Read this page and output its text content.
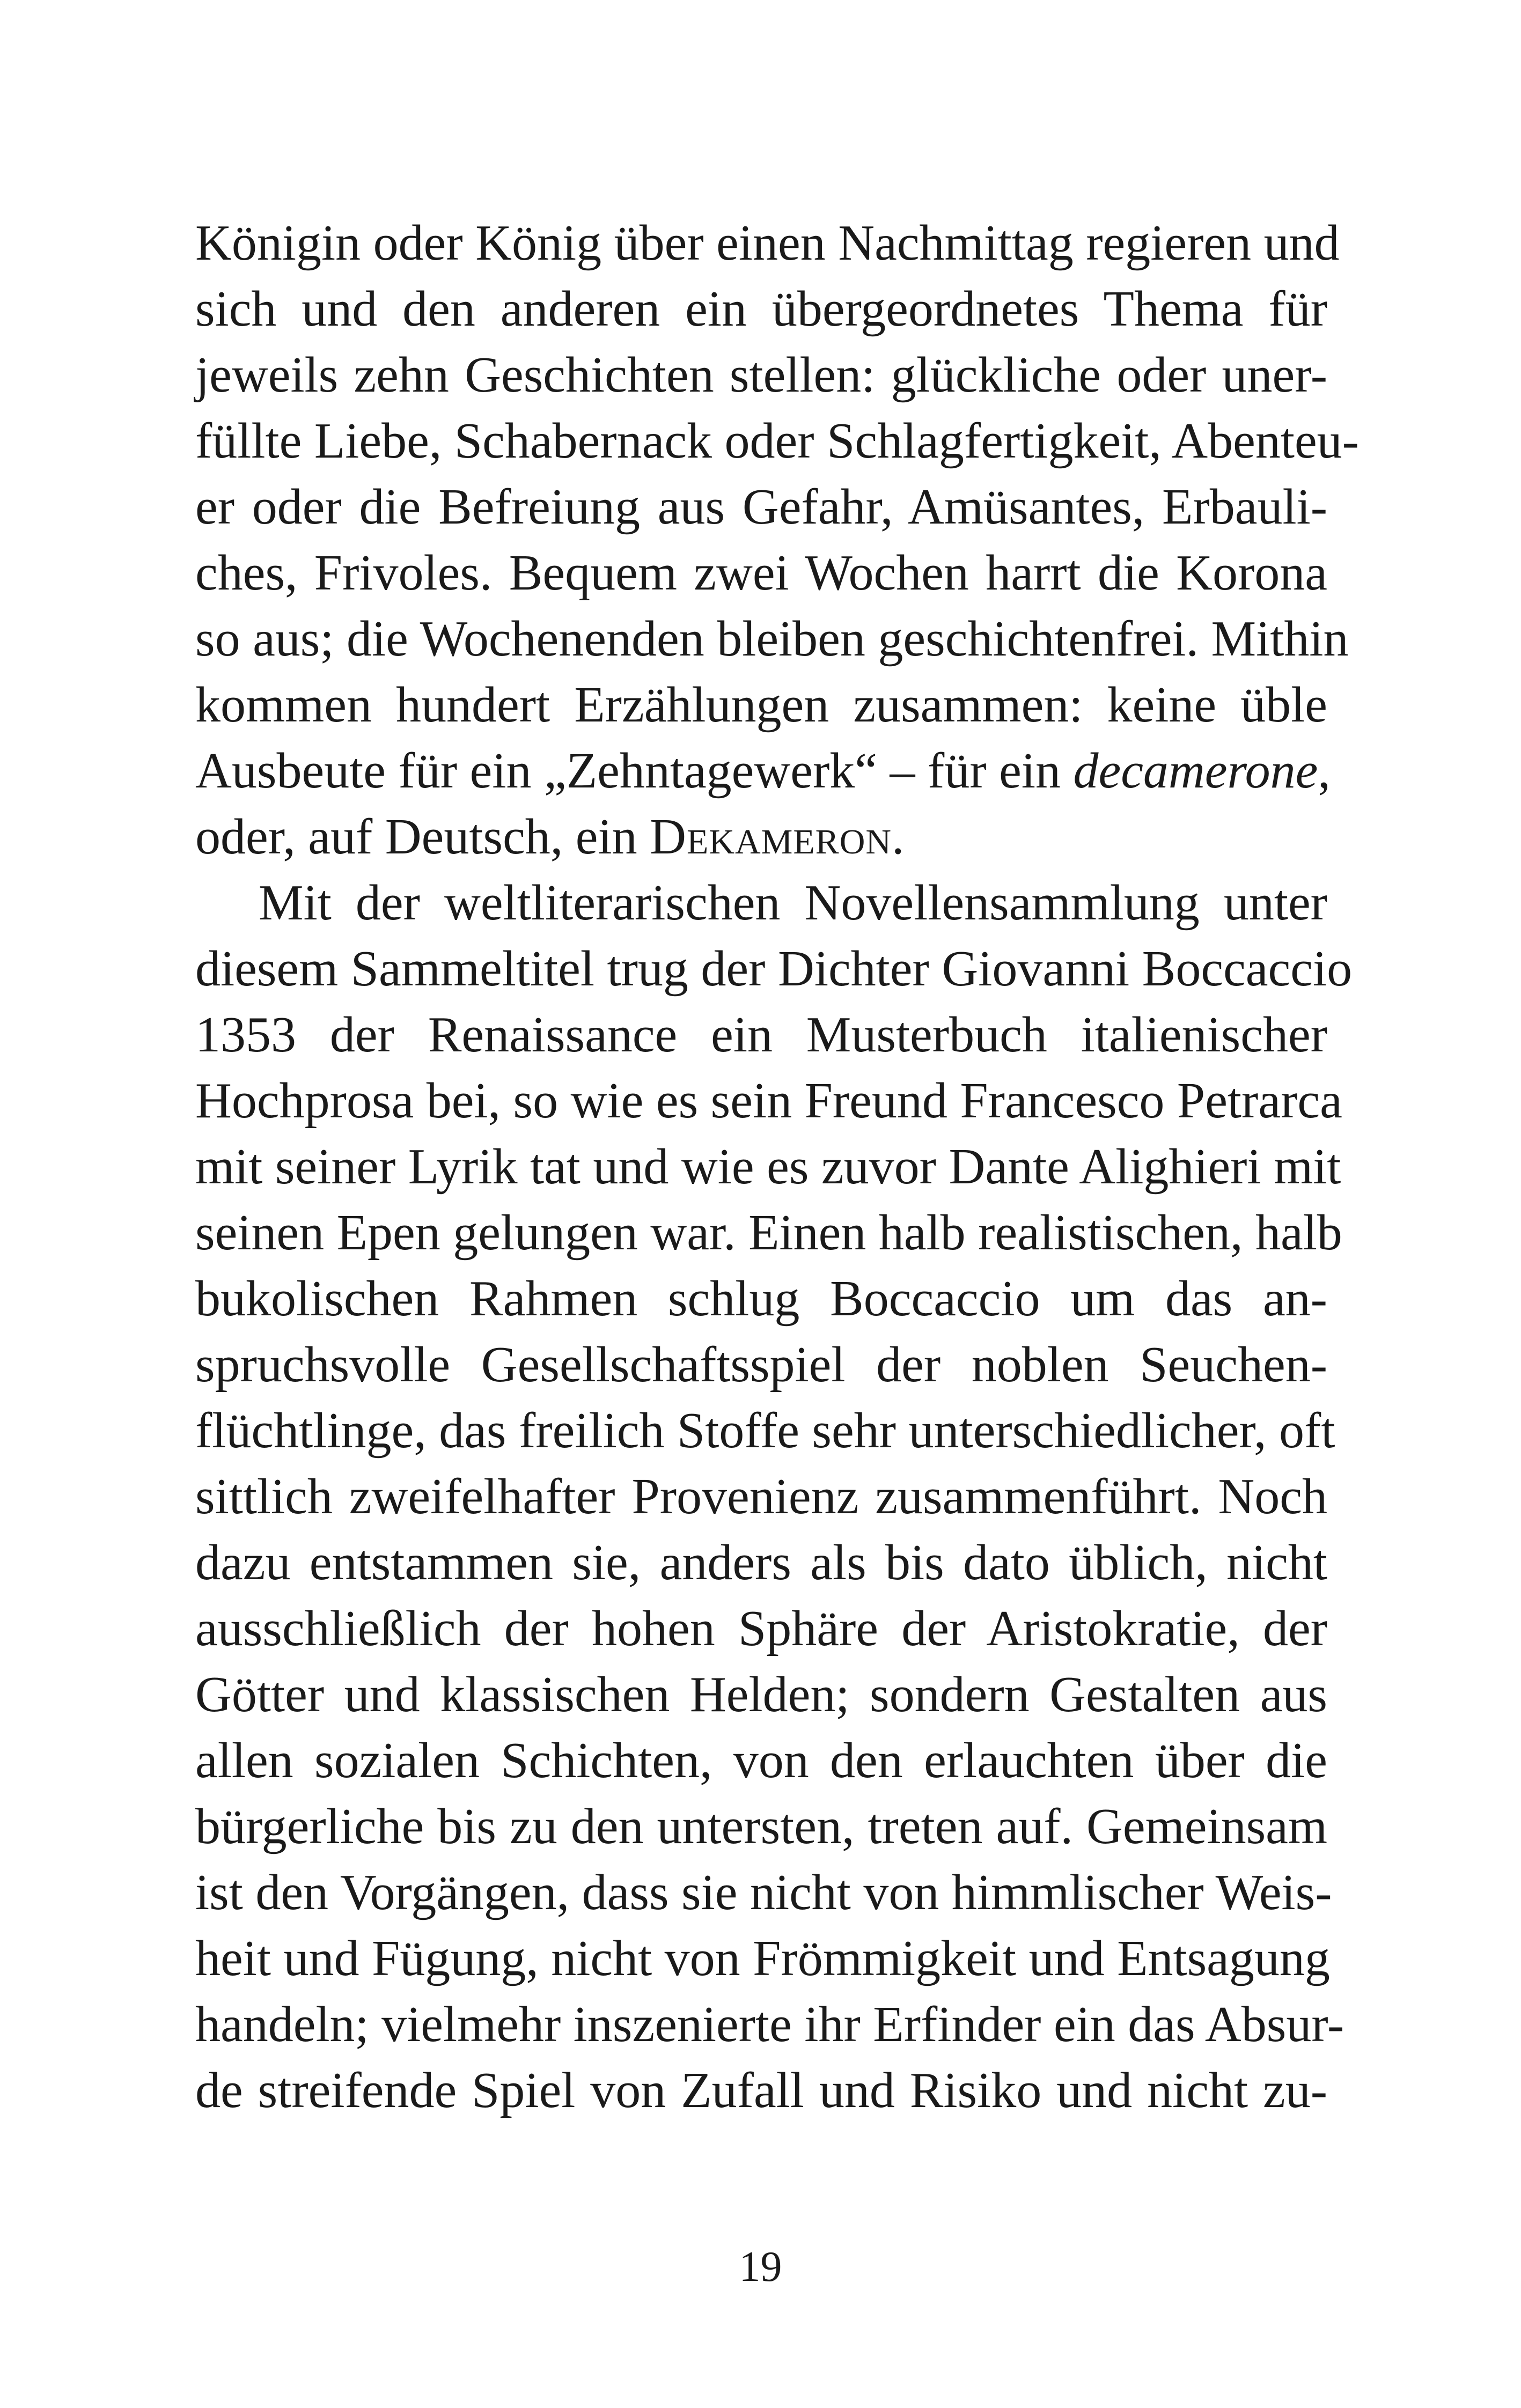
Königin oder König über einen Nachmittag regieren und
sich und den anderen ein übergeordnetes Thema für
jeweils zehn Geschichten stellen: glückliche oder uner-
füllte Liebe, Schabernack oder Schlagfertigkeit, Abenteu-
er oder die Befreiung aus Gefahr, Amüsantes, Erbauli-
ches, Frivoles. Bequem zwei Wochen harrt die Korona
so aus; die Wochenenden bleiben geschichtenfrei. Mithin
kommen hundert Erzählungen zusammen: keine üble
Ausbeute für ein „Zehntagewerk“ – für ein decamerone,
oder, auf Deutsch, ein Dekameron.
Mit der weltliterarischen Novellensammlung unter
diesem Sammeltitel trug der Dichter Giovanni Boccaccio
1353 der Renaissance ein Musterbuch italienischer
Hochprosa bei, so wie es sein Freund Francesco Petrarca
mit seiner Lyrik tat und wie es zuvor Dante Alighieri mit
seinen Epen gelungen war. Einen halb realistischen, halb
bukolischen Rahmen schlug Boccaccio um das an-
spruchsvolle Gesellschaftsspiel der noblen Seuchen-
flüchtlinge, das freilich Stoffe sehr unterschiedlicher, oft
sittlich zweifelhafter Provenienz zusammenführt. Noch
dazu entstammen sie, anders als bis dato üblich, nicht
ausschließlich der hohen Sphäre der Aristokratie, der
Götter und klassischen Helden; sondern Gestalten aus
allen sozialen Schichten, von den erlauchten über die
bürgerliche bis zu den untersten, treten auf. Gemeinsam
ist den Vorgängen, dass sie nicht von himmlischer Weis-
heit und Fügung, nicht von Frömmigkeit und Entsagung
handeln; vielmehr inszenierte ihr Erfinder ein das Absur-
de streifende Spiel von Zufall und Risiko und nicht zu-
19
